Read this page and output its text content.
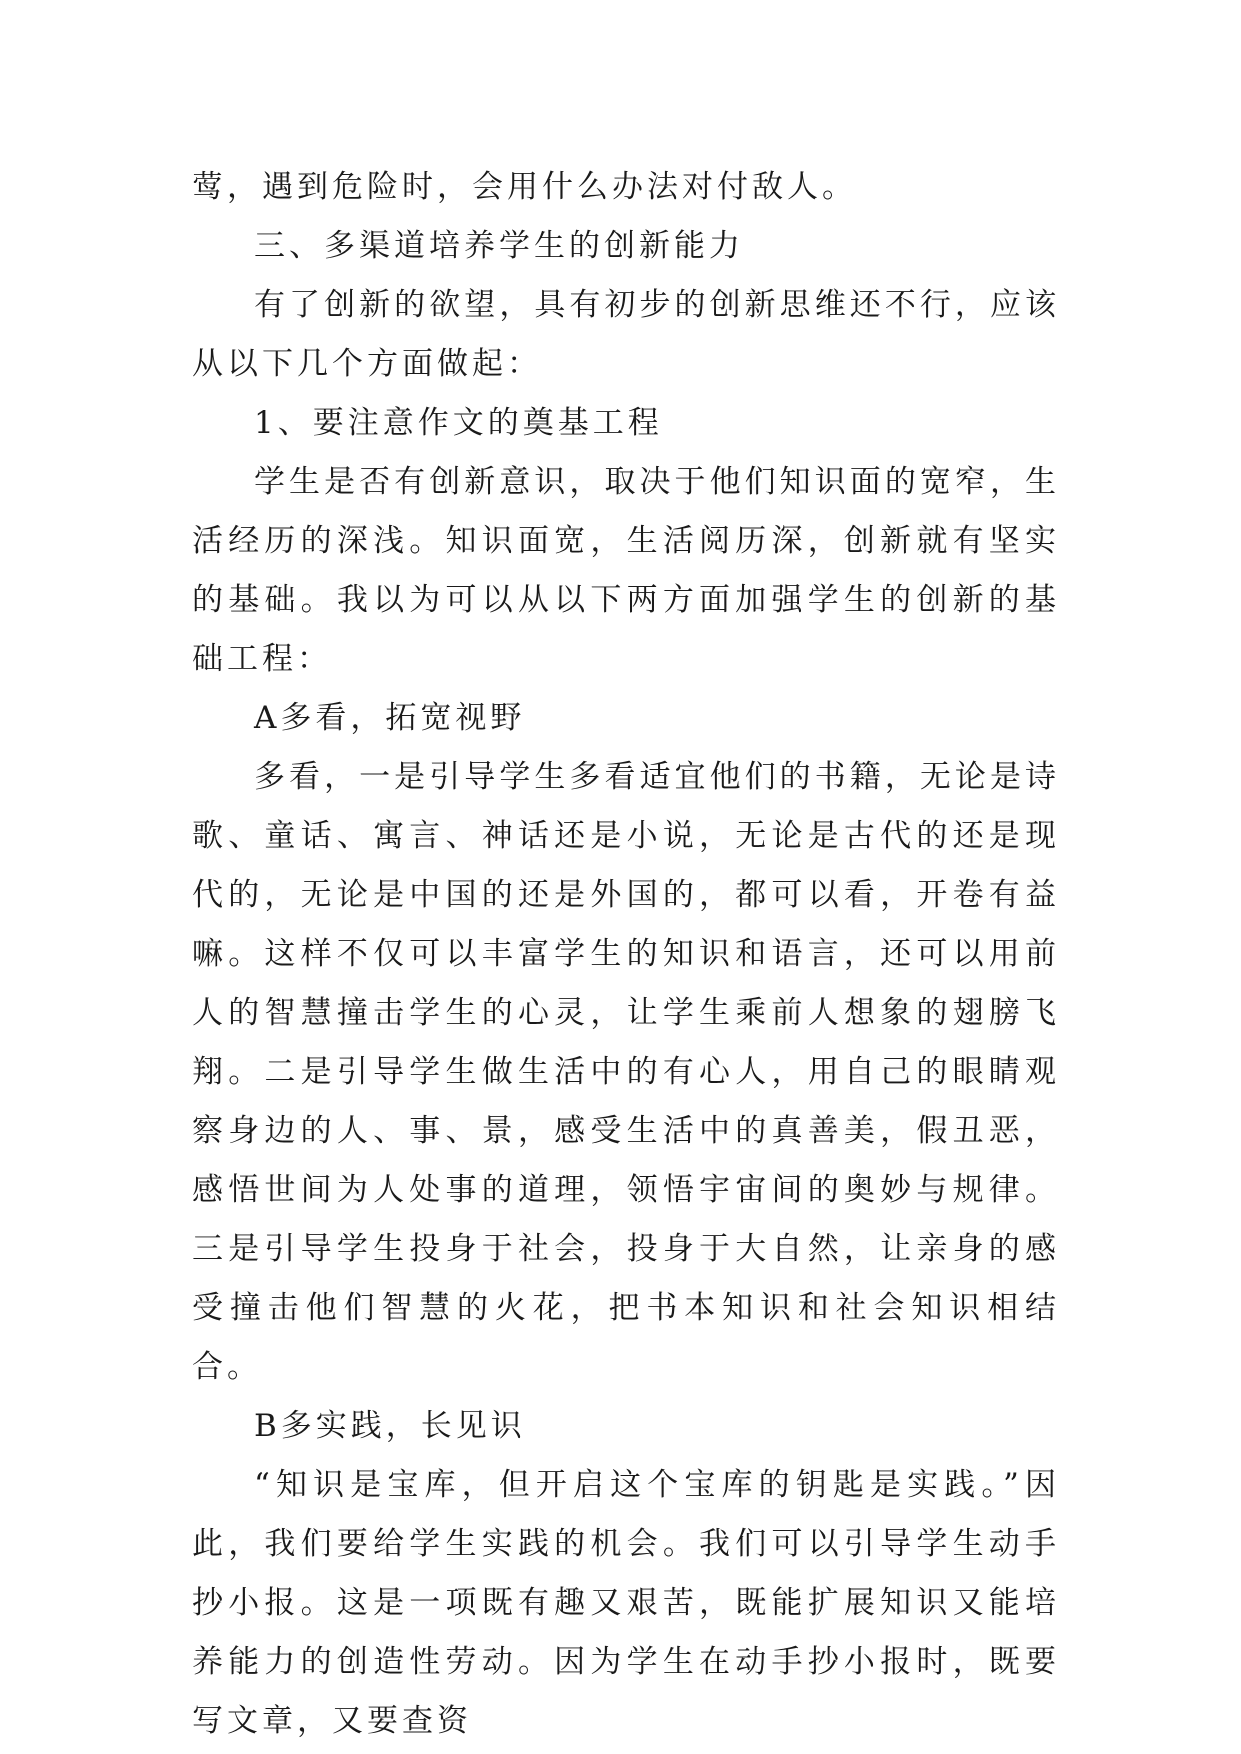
莺，遇到危险时，会用什么办法对付敌人。

三、多渠道培养学生的创新能力

有了创新的欲望，具有初步的创新思维还不行，应该从以下几个方面做起：

1、要注意作文的奠基工程

学生是否有创新意识，取决于他们知识面的宽窄，生活经历的深浅。知识面宽，生活阅历深，创新就有坚实的基础。我以为可以从以下两方面加强学生的创新的基础工程：

A多看，拓宽视野

多看，一是引导学生多看适宜他们的书籍，无论是诗歌、童话、寓言、神话还是小说，无论是古代的还是现代的，无论是中国的还是外国的，都可以看，开卷有益嘛。这样不仅可以丰富学生的知识和语言，还可以用前人的智慧撞击学生的心灵，让学生乘前人想象的翅膀飞翔。二是引导学生做生活中的有心人，用自己的眼睛观察身边的人、事、景，感受生活中的真善美，假丑恶，感悟世间为人处事的道理，领悟宇宙间的奥妙与规律。三是引导学生投身于社会，投身于大自然，让亲身的感受撞击他们智慧的火花，把书本知识和社会知识相结合。

B多实践，长见识

“知识是宝库，但开启这个宝库的钥匙是实践。”因此，我们要给学生实践的机会。我们可以引导学生动手抄小报。这是一项既有趣又艰苦，既能扩展知识又能培养能力的创造性劳动。因为学生在动手抄小报时，既要写文章，又要查资
